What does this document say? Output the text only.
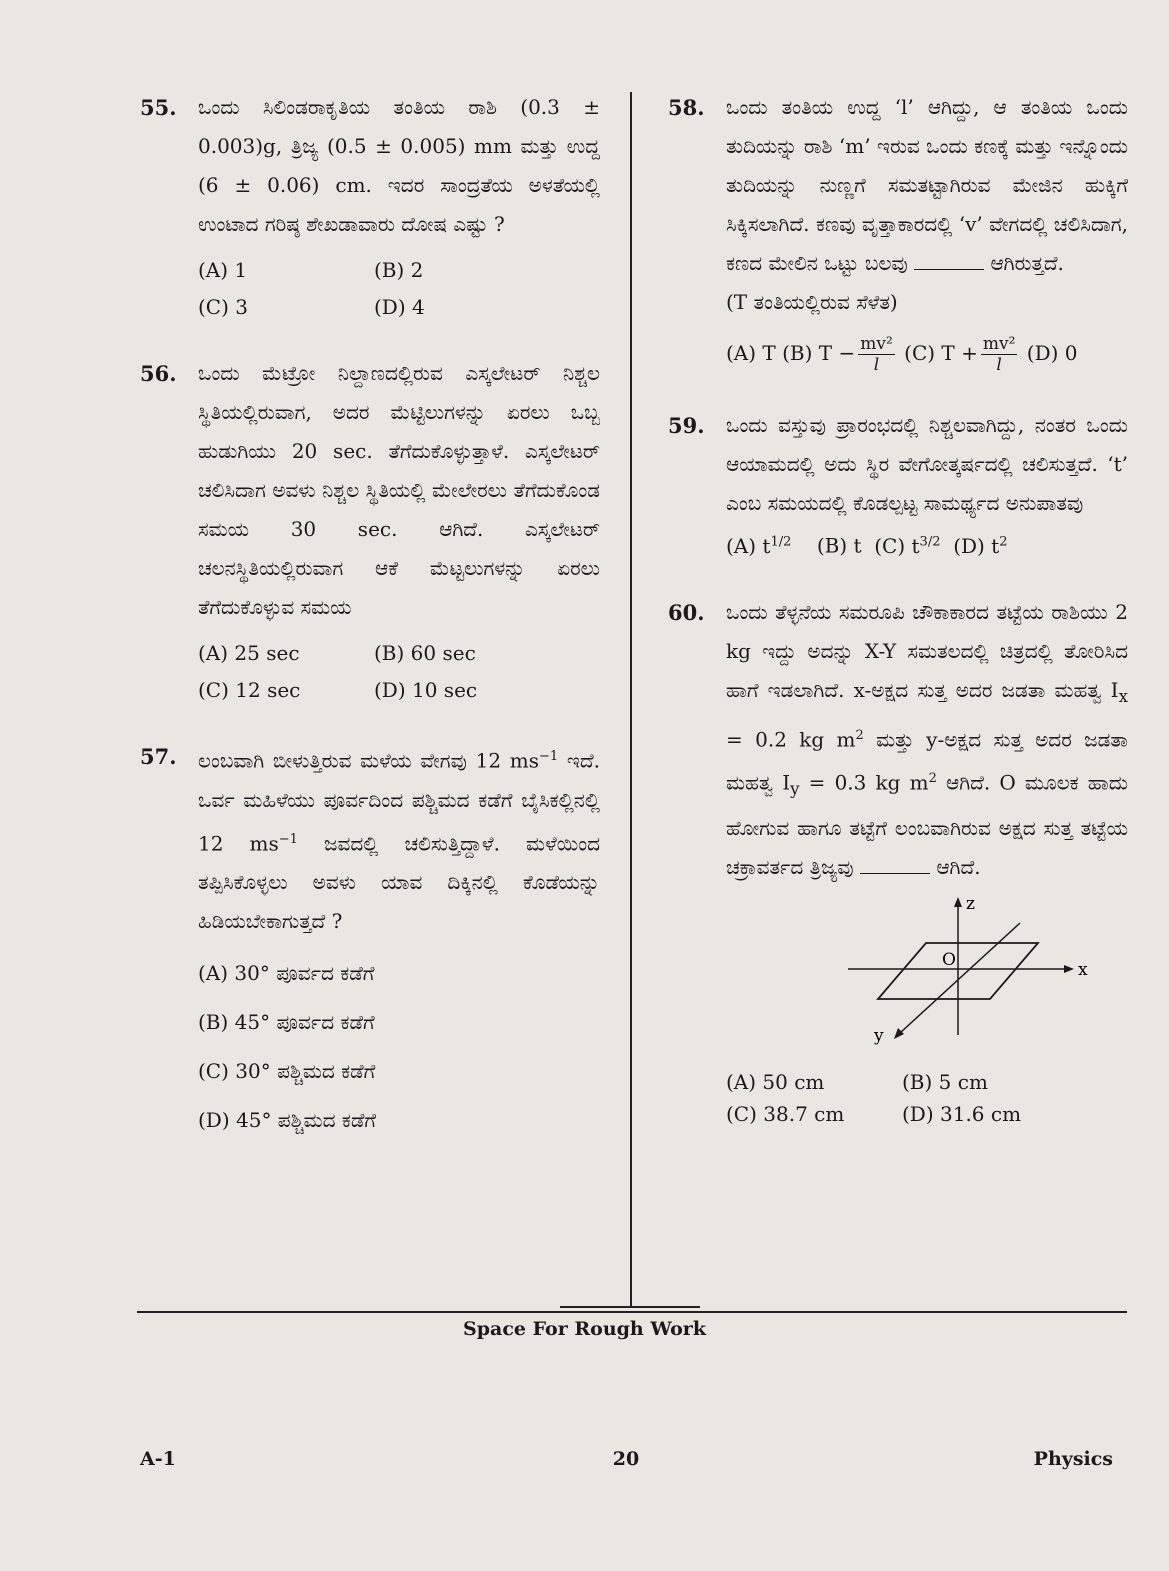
55. ಒಂದು ಸಿಲಿಂಡರಾಕೃತಿಯ ತಂತಿಯ ರಾಶಿ (0.3 ± 0.003)g, ತ್ರಿಜ್ಯ (0.5 ± 0.005) mm ಮತ್ತು ಉದ್ದ (6 ± 0.06) cm. ಇದರ ಸಾಂದ್ರತೆಯ ಅಳತೆಯಲ್ಲಿ ಉಂಟಾದ ಗರಿಷ್ಠ ಶೇಖಡಾವಾರು ದೋಷ ಎಷ್ಟು ?
(A) 1	(B) 2
(C) 3	(D) 4
56. ಒಂದು ಮೆಟ್ರೋ ನಿಲ್ದಾಣದಲ್ಲಿರುವ ಎಸ್ಕಲೇಟರ್ ನಿಶ್ಚಲ ಸ್ಥಿತಿಯಲ್ಲಿರುವಾಗ, ಅದರ ಮೆಟ್ಟಿಲುಗಳನ್ನು ಏರಲು ಒಬ್ಬ ಹುಡುಗಿಯು 20 sec. ತೆಗೆದುಕೊಳ್ಳುತ್ತಾಳೆ. ಎಸ್ಕಲೇಟರ್ ಚಲಿಸಿದಾಗ ಅವಳು ನಿಶ್ಚಲ ಸ್ಥಿತಿಯಲ್ಲಿ ಮೇಲೇರಲು ತೆಗೆದುಕೊಂಡ ಸಮಯ 30 sec. ಆಗಿದೆ. ಎಸ್ಕಲೇಟರ್ ಚಲನಸ್ಥಿತಿಯಲ್ಲಿರುವಾಗ ಆಕೆ ಮೆಟ್ಟಲುಗಳನ್ನು ಏರಲು ತೆಗೆದುಕೊಳ್ಳುವ ಸಮಯ
(A) 25 sec	(B) 60 sec
(C) 12 sec	(D) 10 sec
57. ಲಂಬವಾಗಿ ಬೀಳುತ್ತಿರುವ ಮಳೆಯ ವೇಗವು 12 $ms^{-1}$ ಇದೆ. ಒರ್ವ ಮಹಿಳೆಯು ಪೂರ್ವದಿಂದ ಪಶ್ಚಿಮದ ಕಡೆಗೆ ಬೈಸಿಕಲ್ಲಿನಲ್ಲಿ 12 $ms^{-1}$ ಜವದಲ್ಲಿ ಚಲಿಸುತ್ತಿದ್ದಾಳೆ. ಮಳೆಯಿಂದ ತಪ್ಪಿಸಿಕೊಳ್ಳಲು ಅವಳು ಯಾವ ದಿಕ್ಕಿನಲ್ಲಿ ಕೊಡೆಯನ್ನು ಹಿಡಿಯಬೇಕಾಗುತ್ತದೆ ?
(A) 30° ಪೂರ್ವದ ಕಡೆಗೆ
(B) 45° ಪೂರ್ವದ ಕಡೆಗೆ
(C) 30° ಪಶ್ಚಿಮದ ಕಡೆಗೆ
(D) 45° ಪಶ್ಚಿಮದ ಕಡೆಗೆ
58. ಒಂದು ತಂತಿಯ ಉದ್ದ ‘l’ ಆಗಿದ್ದು, ಆ ತಂತಿಯ ಒಂದು ತುದಿಯನ್ನು ರಾಶಿ ‘m’ ಇರುವ ಒಂದು ಕಣಕ್ಕೆ ಮತ್ತು ಇನ್ನೊಂದು ತುದಿಯನ್ನು ನುಣ್ಣಗೆ ಸಮತಟ್ಟಾಗಿರುವ ಮೇಜಿನ ಹುಕ್ಕಿಗೆ ಸಿಕ್ಕಿಸಲಾಗಿದೆ. ಕಣವು ವೃತ್ತಾಕಾರದಲ್ಲಿ ‘v’ ವೇಗದಲ್ಲಿ ಚಲಿಸಿದಾಗ, ಕಣದ ಮೇಲಿನ ಒಟ್ಟು ಬಲವು	ಆಗಿರುತ್ತದೆ.
(T ತಂತಿಯಲ್ಲಿರುವ ಸೆಳೆತ)
(A) T (B) $T - \frac{\text{mv²}}{l} (C) T + \frac{\text{mv²}}{l} (D)$ 0
59. ಒಂದು ವಸ್ತುವು ಪ್ರಾರಂಭದಲ್ಲಿ ನಿಶ್ಚಲವಾಗಿದ್ದು, ನಂತರ ಒಂದು ಆಯಾಮದಲ್ಲಿ ಅದು ಸ್ಥಿರ ವೇಗೋತ್ಕರ್ಷದಲ್ಲಿ ಚಲಿಸುತ್ತದೆ. ‘t’ ಎಂಬ ಸಮಯದಲ್ಲಿ ಕೊಡಲ್ಪಟ್ಟ ಸಾಮರ್ಥ್ಯದ ಅನುಪಾತವು
(A) $t^{1/2}$ (B) t (C) $t^{3/2}$ (D) $t^2$
60. ಒಂದು ತೆಳ್ಳನೆಯ ಸಮರೂಪಿ ಚೌಕಾಕಾರದ ತಟ್ಟೆಯ ರಾಶಿಯು 2 kg ಇದ್ದು ಅದನ್ನು X-Y ಸಮತಲದಲ್ಲಿ ಚಿತ್ರದಲ್ಲಿ ತೋರಿಸಿದ ಹಾಗೆ ಇಡಲಾಗಿದೆ. x-ಅಕ್ಷದ ಸುತ್ತ ಅದರ ಜಡತಾ ಮಹತ್ವ $I_x = 0.2$ kg $m^2$ ಮತ್ತು y-ಅಕ್ಷದ ಸುತ್ತ ಅದರ ಜಡತಾ ಮಹತ್ವ $I_y = 0.3$ kg $m^2$ ಆಗಿದೆ. O ಮೂಲಕ ಹಾದು ಹೋಗುವ ಹಾಗೂ ತಟ್ಟೆಗೆ ಲಂಬವಾಗಿರುವ ಅಕ್ಷದ ಸುತ್ತ ತಟ್ಟೆಯ ಚಕ್ರಾವರ್ತದ ತ್ರಿಜ್ಯವು	ಆಗಿದೆ.
z
x
y
O
(A) 50 cm	(B) 5 cm
(C) 38.7 cm	(D) 31.6 cm
Space For Rough Work
A-1	20	Physics
